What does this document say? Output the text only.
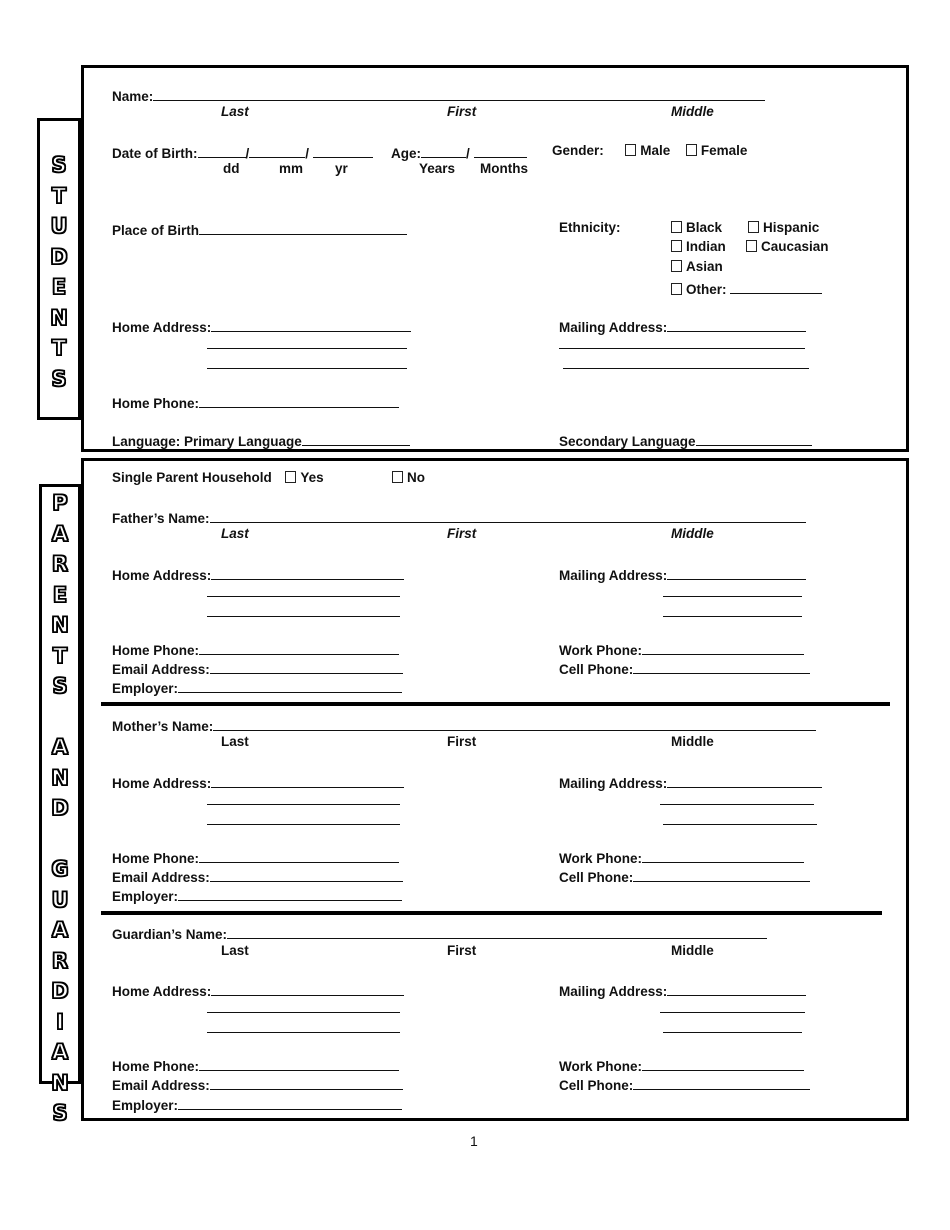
S
T
U
D
E
N
T
S
Name:
Last	First	Middle
Date of Birth:	/	/
dd	mm yr
Age:	/
Years Months
Gender:	Male Female
Place of Birth	Ethnicity:	Black	Hispanic
Indian	Caucasian
Asian
Other:
Home Address:	Mailing Address:
Home Phone:
Language: Primary Language	Secondary Language
P
A
R
E
N
T
S
A
N
D
G
U
A
R
D
I
A
N
S
Single Parent Household Yes	No
Father’s Name:
Last	First	Middle
Home Address:	Mailing Address:
Home Phone:	Work Phone:
Email Address:	Cell Phone:
Employer:
Mother’s Name:
Last	First	Middle
Home Address:	Mailing Address:
Home Phone:	Work Phone:
Email Address:	Cell Phone:
Employer:
Guardian’s Name:
Last	First	Middle
Home Address:	Mailing Address:
Home Phone:	Work Phone:
Email Address:	Cell Phone:
Employer:
1
